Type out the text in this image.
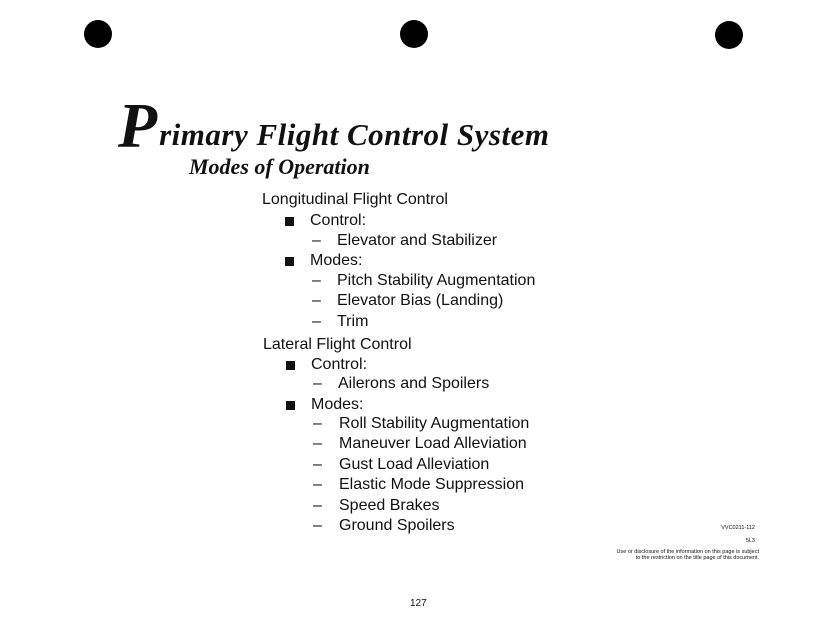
P rimary Flight Control System
Modes of Operation
Longitudinal Flight Control
Control:
– Elevator and Stabilizer
Modes:
– Pitch Stability Augmentation
– Elevator Bias (Landing)
– Trim
Lateral Flight Control
Control:
– Ailerons and Spoilers
Modes:
– Roll Stability Augmentation
– Maneuver Load Alleviation
– Gust Load Alleviation
– Elastic Mode Suppression
– Speed Brakes
– Ground Spoilers	VVC0211-112
5L3
Use or disclosure of the information on this page is subject
to the restriction on the title page of this document.
127
